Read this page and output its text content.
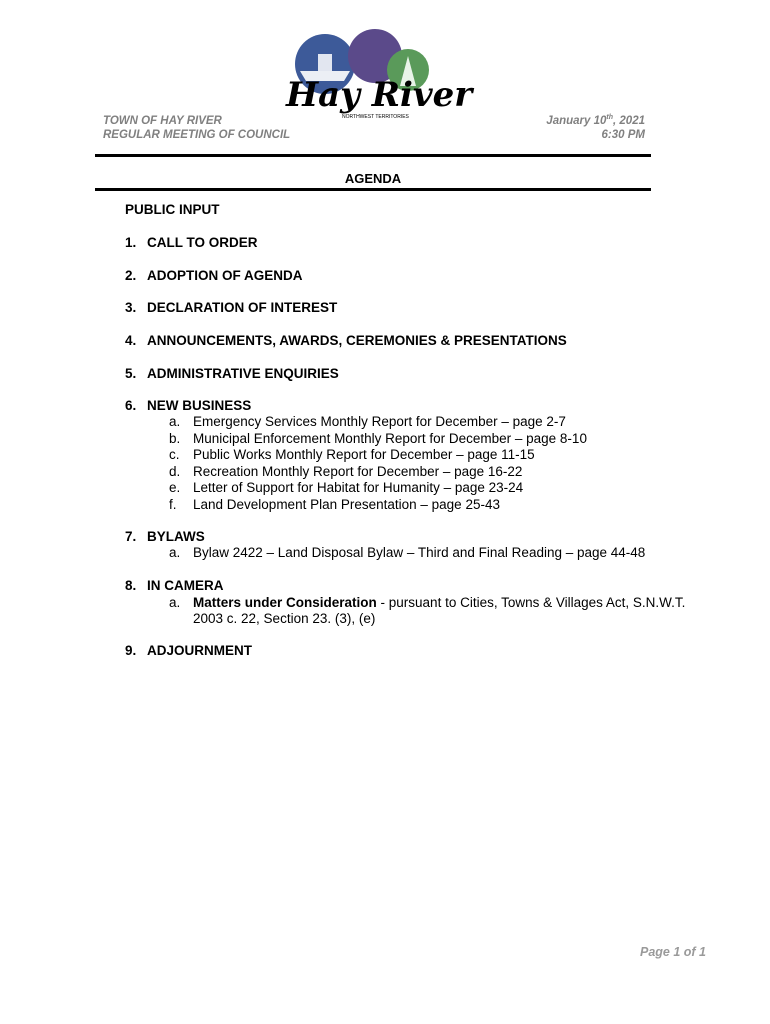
Hay River
NORTHWEST TERRITORIES
TOWN OF HAY RIVER
REGULAR MEETING OF COUNCIL
January 10th, 2021
6:30 PM
AGENDA
PUBLIC INPUT
1. CALL TO ORDER
2. ADOPTION OF AGENDA
3. DECLARATION OF INTEREST
4. ANNOUNCEMENTS, AWARDS, CEREMONIES & PRESENTATIONS
5. ADMINISTRATIVE ENQUIRIES
6. NEW BUSINESS
a. Emergency Services Monthly Report for December – page 2-7
b. Municipal Enforcement Monthly Report for December – page 8-10
c. Public Works Monthly Report for December – page 11-15
d. Recreation Monthly Report for December – page 16-22
e. Letter of Support for Habitat for Humanity – page 23-24
f. Land Development Plan Presentation – page 25-43
7. BYLAWS
a. Bylaw 2422 – Land Disposal Bylaw – Third and Final Reading – page 44-48
8. IN CAMERA
a. Matters under Consideration - pursuant to Cities, Towns & Villages Act, S.N.W.T.
2003 c. 22, Section 23. (3), (e)
9. ADJOURNMENT
Page 1 of 1
